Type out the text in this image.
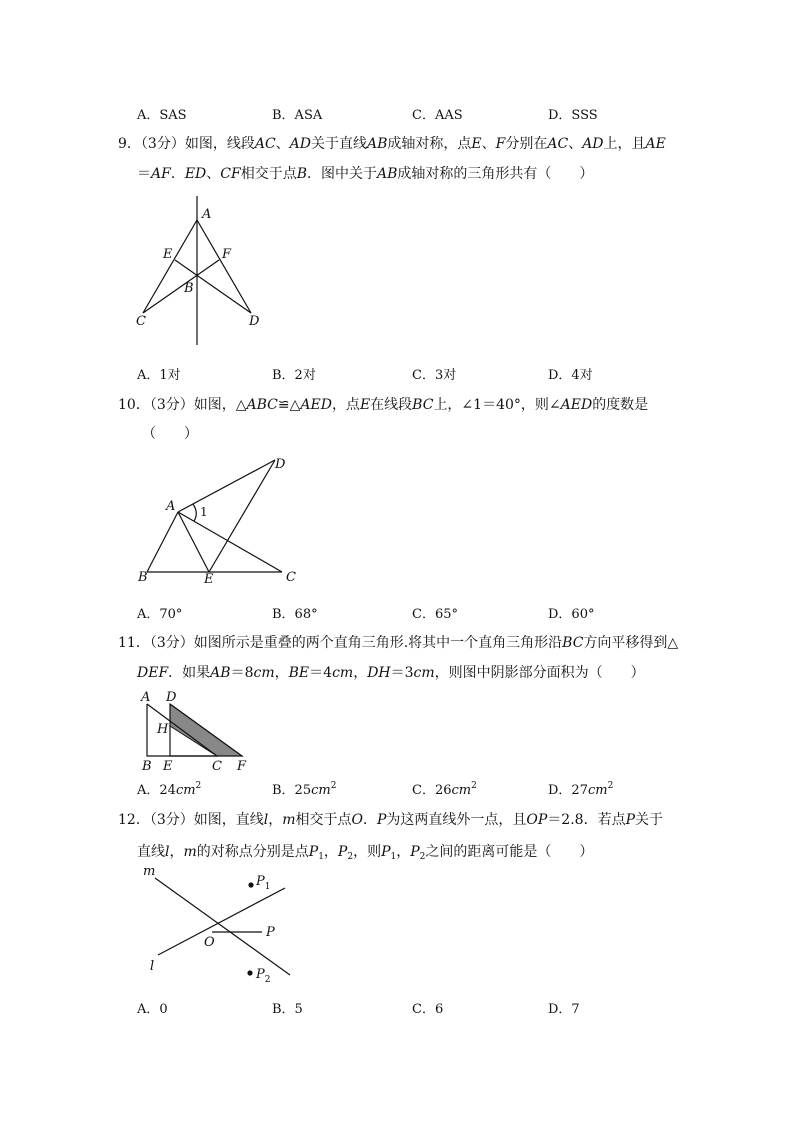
A．SAS	B．ASA	C．AAS	D．SSS
9．（3分）如图，线段AC、AD关于直线AB成轴对称，点E、F分别在AC、AD上，且AE
＝AF．ED、CF相交于点B．图中关于AB成轴对称的三角形共有（　　）
A
E	F
B
C	D
A．1对	B．2对	C．3对	D．4对
10．（3分）如图，△ABC≌△AED，点E在线段BC上，∠1＝40°，则∠AED的度数是
（　　）
A
D
1
B	E	C
A．70°	B．68°	C．65°	D．60°
11．（3分）如图所示是重叠的两个直角三角形.将其中一个直角三角形沿BC方向平移得到△
DEF．如果AB＝8cm，BE＝4cm，DH＝3cm，则图中阴影部分面积为（　　）
A D
H
B E	C F
A．$24cm^2$	B．$25cm^2$	C．$26cm^2$	D．$27cm^2$
12．（3分）如图，直线l，m相交于点O．P为这两直线外一点，且OP＝2.8．若点P关于
直线l，m的对称点分别是点$P_1$，$P_2$，则$P_1$，$P_2$之间的距离可能是（　　）
m
l
O
P
$P_1$
$P_2$
A．0	B．5	C．6	D．7
